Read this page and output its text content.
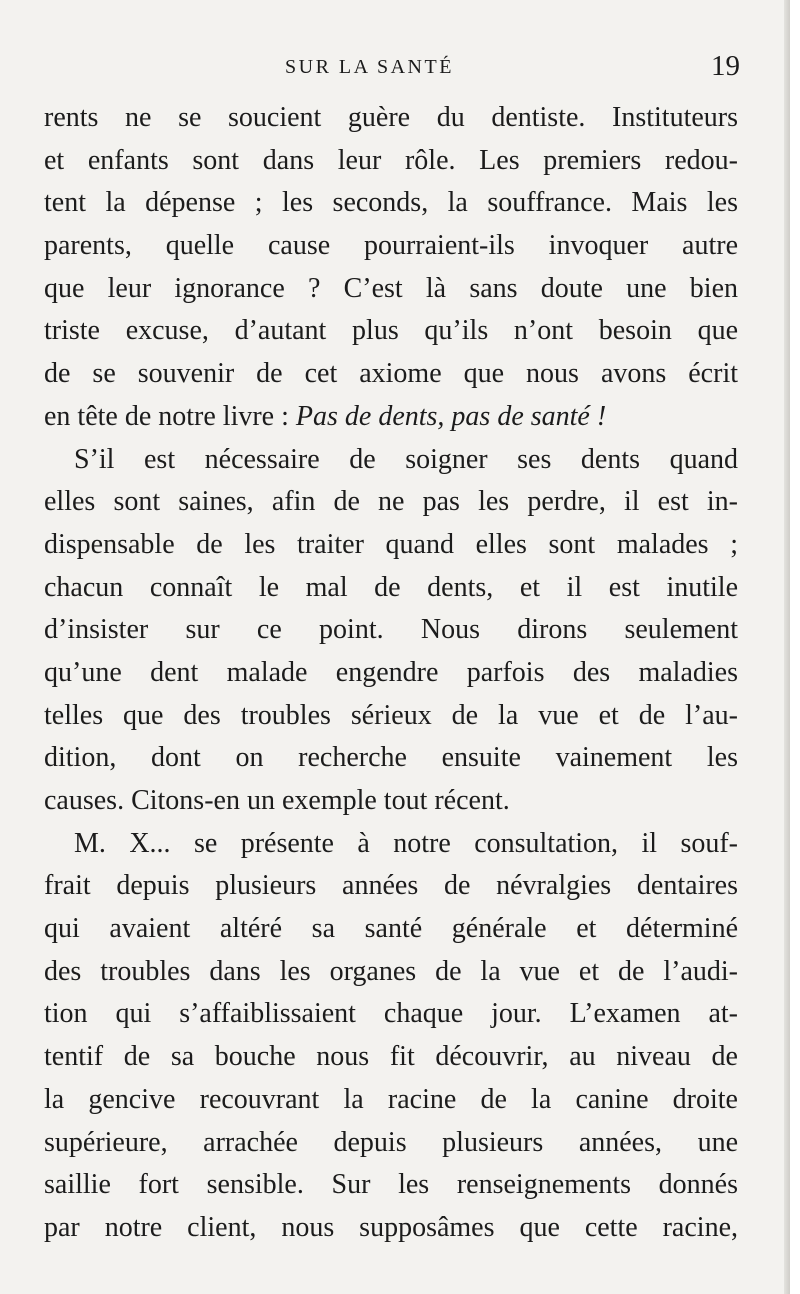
SUR LA SANTÉ	19
rents ne se soucient guère du dentiste. Instituteurs
et enfants sont dans leur rôle. Les premiers redou-
tent la dépense ; les seconds, la souffrance. Mais les
parents, quelle cause pourraient-ils invoquer autre
que leur ignorance ? C’est là sans doute une bien
triste excuse, d’autant plus qu’ils n’ont besoin que
de se souvenir de cet axiome que nous avons écrit
en tête de notre livre : Pas de dents, pas de santé !
S’il est nécessaire de soigner ses dents quand
elles sont saines, afin de ne pas les perdre, il est in-
dispensable de les traiter quand elles sont malades ;
chacun connaît le mal de dents, et il est inutile
d’insister sur ce point. Nous dirons seulement
qu’une dent malade engendre parfois des maladies
telles que des troubles sérieux de la vue et de l’au-
dition, dont on recherche ensuite vainement les
causes. Citons-en un exemple tout récent.
M. X... se présente à notre consultation, il souf-
frait depuis plusieurs années de névralgies dentaires
qui avaient altéré sa santé générale et déterminé
des troubles dans les organes de la vue et de l’audi-
tion qui s’affaiblissaient chaque jour. L’examen at-
tentif de sa bouche nous fit découvrir, au niveau de
la gencive recouvrant la racine de la canine droite
supérieure, arrachée depuis plusieurs années, une
saillie fort sensible. Sur les renseignements donnés
par notre client, nous supposâmes que cette racine,
